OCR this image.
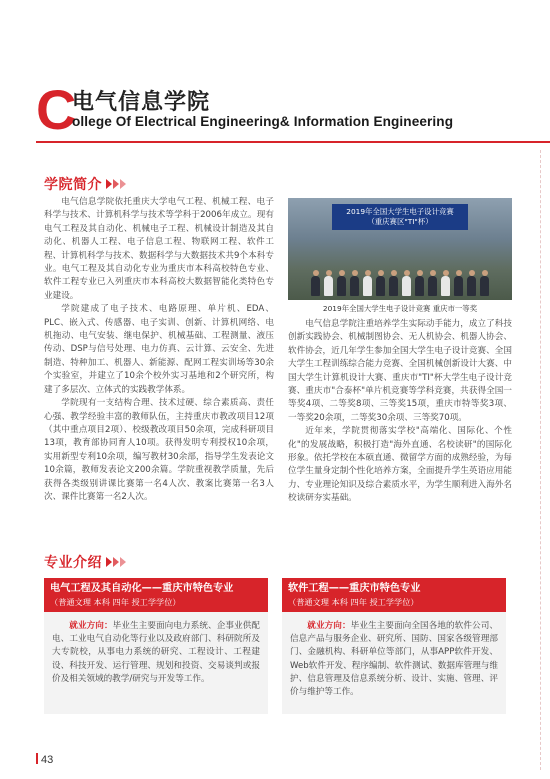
C
电气信息学院
ollege Of Electrical Engineering& Information Engineering
学院简介

电气信息学院依托重庆大学电气工程、机械工程、电子科学与技术、计算机科学与技术等学科于2006年成立。现有电气工程及其自动化、机械电子工程、机械设计制造及其自动化、机器人工程、电子信息工程、物联网工程、软件工程、计算机科学与技术、数据科学与大数据技术共9个本科专业。电气工程及其自动化专业为重庆市本科高校特色专业、软件工程专业已入列重庆市本科高校大数据智能化类特色专业建设。

学院建成了电子技术、电路原理、单片机、EDA、PLC、嵌入式、传感器、电子实训、创新、计算机网络、电机拖动、电气安装、继电保护、机械基础、工程测量、液压传动、DSP与信号处理、电力仿真、云计算、云安全、先进制造、特种加工、机器人、新能源、配网工程实训场等30余个实验室，并建立了10余个校外实习基地和2个研究所，构建了多层次、立体式的实践教学体系。

学院现有一支结构合理、技术过硬、综合素质高、责任心强、教学经验丰富的教师队伍，主持重庆市教改项目12项（其中重点项目2项）、校级教改项目50余项，完成科研项目13项，教育部协同育人10项。获得发明专利授权10余项，实用新型专利10余项，编写教材30余部，指导学生发表论文10余篇，教师发表论文200余篇。学院重视教学质量，先后获得各类级别讲课比赛第一名4人次、教案比赛第一名3人次、课件比赛第一名2人次。

2019年全国大学生电子设计竞赛
（重庆赛区"TI"杯）
2019年全国大学生电子设计竞赛 重庆市一等奖

电气信息学院注重培养学生实际动手能力，成立了科技创新实践协会、机械制图协会、无人机协会、机器人协会、软件协会，近几年学生参加全国大学生电子设计竞赛、全国大学生工程训练综合能力竞赛、全国机械创新设计大赛、中国大学生计算机设计大赛、重庆市"TI"杯大学生电子设计竞赛、重庆市"合泰杯"单片机竞赛等学科竞赛，共获得全国一等奖4项、二等奖8项、三等奖15项，重庆市特等奖3项、一等奖20余项，二等奖30余项、三等奖70项。

近年来，学院贯彻落实学校"高端化、国际化、个性化"的发展战略，积极打造"海外直通、名校读研"的国际化形象。依托学校在本硕直通、微留学方面的成熟经验，为每位学生量身定制个性化培养方案，全面提升学生英语应用能力、专业理论知识及综合素质水平，为学生顺利进入海外名校读研夯实基础。

专业介绍
电气工程及其自动化——重庆市特色专业
（普通文理 本科 四年 授工学学位）
就业方向：毕业生主要面向电力系统、企事业供配电、工业电气自动化等行业以及政府部门、科研院所及大专院校，从事电力系统的研究、工程设计、工程建设、科技开发、运行管理、规划和投资、交易谈判或报价及相关领域的教学/研究与开发等工作。
软件工程——重庆市特色专业
（普通文理 本科 四年 授工学学位）
就业方向：毕业生主要面向全国各地的软件公司、信息产品与服务企业、研究所、国防、国家各级管理部门、金融机构、科研单位等部门，从事APP软件开发、Web软件开发、程序编制、软件测试、数据库管理与维护、信息管理及信息系统分析、设计、实施、管理、评价与维护等工作。
43
